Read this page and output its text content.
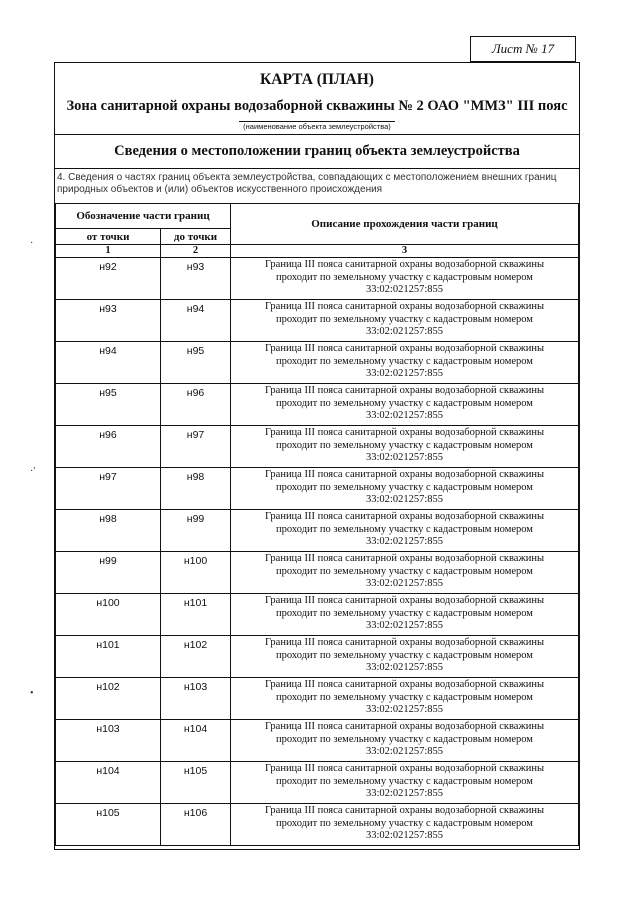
Лист № 17
КАРТА (ПЛАН)
Зона санитарной охраны водозаборной скважины № 2 ОАО "ММЗ" III пояс
(наименование объекта землеустройства)
Сведения о местоположении границ объекта землеустройства
4. Сведения о частях границ объекта землеустройства, совпадающих с местоположением внешних границ природных объектов и (или) объектов искусственного происхождения
Обозначение части границ		Описание прохождения части границ
от точки	до точки	
1	2	3
н92	н93	Граница III пояса санитарной охраны водозаборной скважины
проходит по земельному участку с кадастровым номером
33:02:021257:855

н93	н94	Граница III пояса санитарной охраны водозаборной скважины
проходит по земельному участку с кадастровым номером
33:02:021257:855

н94	н95	Граница III пояса санитарной охраны водозаборной скважины
проходит по земельному участку с кадастровым номером
33:02:021257:855

н95	н96	Граница III пояса санитарной охраны водозаборной скважины
проходит по земельному участку с кадастровым номером
33:02:021257:855

н96	н97	Граница III пояса санитарной охраны водозаборной скважины
проходит по земельному участку с кадастровым номером
33:02:021257:855

н97	н98	Граница III пояса санитарной охраны водозаборной скважины
проходит по земельному участку с кадастровым номером
33:02:021257:855

н98	н99	Граница III пояса санитарной охраны водозаборной скважины
проходит по земельному участку с кадастровым номером
33:02:021257:855

н99	н100	Граница III пояса санитарной охраны водозаборной скважины
проходит по земельному участку с кадастровым номером
33:02:021257:855

н100	н101	Граница III пояса санитарной охраны водозаборной скважины
проходит по земельному участку с кадастровым номером
33:02:021257:855

н101	н102	Граница III пояса санитарной охраны водозаборной скважины
проходит по земельному участку с кадастровым номером
33:02:021257:855

н102	н103	Граница III пояса санитарной охраны водозаборной скважины
проходит по земельному участку с кадастровым номером
33:02:021257:855

н103	н104	Граница III пояса санитарной охраны водозаборной скважины
проходит по земельному участку с кадастровым номером
33:02:021257:855

н104	н105	Граница III пояса санитарной охраны водозаборной скважины
проходит по земельному участку с кадастровым номером
33:02:021257:855

н105	н106	Граница III пояса санитарной охраны водозаборной скважины
проходит по земельному участку с кадастровым номером
33:02:021257:855
·
·'
•
